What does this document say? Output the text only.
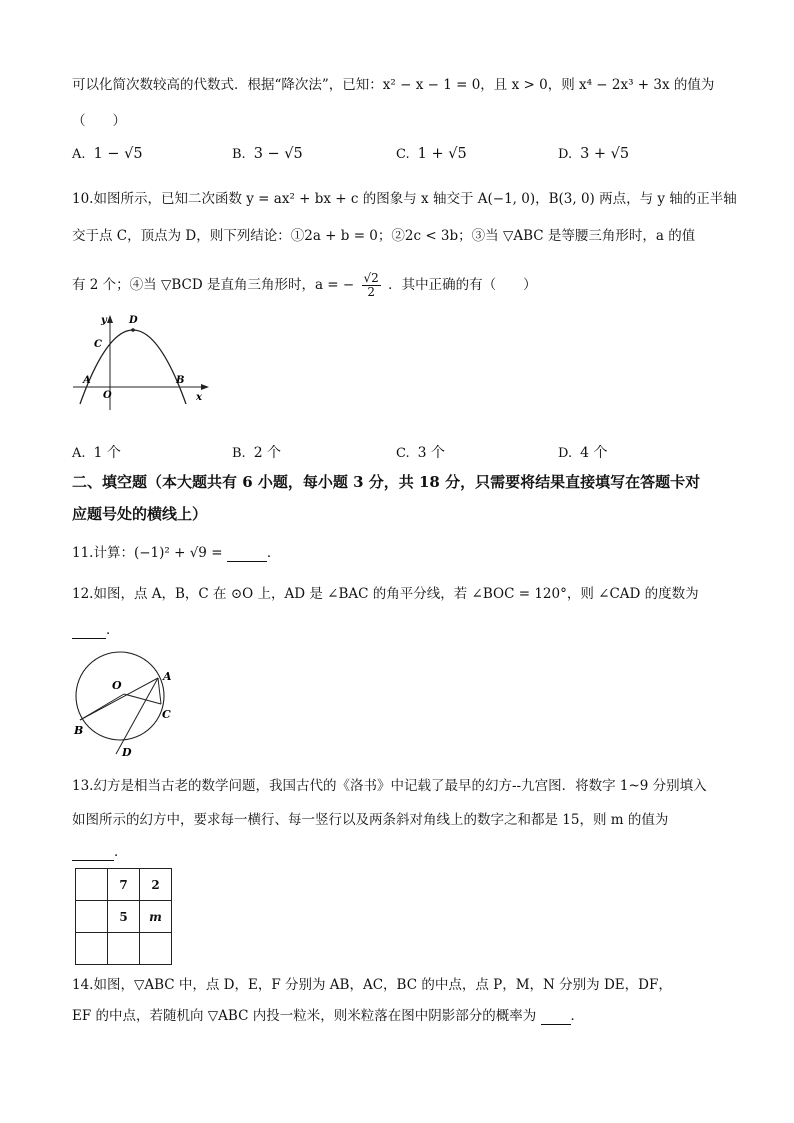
可以化简次数较高的代数式．根据“降次法”，已知：x² − x − 1 = 0，且 x > 0，则 x⁴ − 2x³ + 3x 的值为
（　　）
A. 1 − √5	B. 3 − √5	C. 1 + √5	D. 3 + √5
10.如图所示，已知二次函数 y = ax² + bx + c 的图象与 x 轴交于 A(−1, 0)，B(3, 0) 两点，与 y 轴的正半轴
交于点 C，顶点为 D，则下列结论：①2a + b = 0；②2c < 3b；③当 ▽ABC 是等腰三角形时，a 的值
有 2 个；④当 ▽BCD 是直角三角形时，a = − $\frac{√2}{2}$ ．其中正确的有（　　）
y D
C
A
O
B
x
A. 1 个	B. 2 个	C. 3 个	D. 4 个
二、填空题（本大题共有 6 小题，每小题 3 分，共 18 分，只需要将结果直接填写在答题卡对
应题号处的横线上）
11.计算：(−1)² + √9 =	．
12.如图，点 A，B，C 在 ⊙O 上，AD 是 ∠BAC 的角平分线，若 ∠BOC = 120°，则 ∠CAD 的度数为
．
O
A
B
C
D
13.幻方是相当古老的数学问题，我国古代的《洛书》中记载了最早的幻方--九宫图．将数字 1~9 分别填入
如图所示的幻方中，要求每一横行、每一竖行以及两条斜对角线上的数字之和都是 15，则 m 的值为
．
	7	2
	5	m

14.如图，▽ABC 中，点 D，E，F 分别为 AB，AC，BC 的中点，点 P，M，N 分别为 DE，DF，
EF 的中点，若随机向 ▽ABC 内投一粒米，则米粒落在图中阴影部分的概率为	．
